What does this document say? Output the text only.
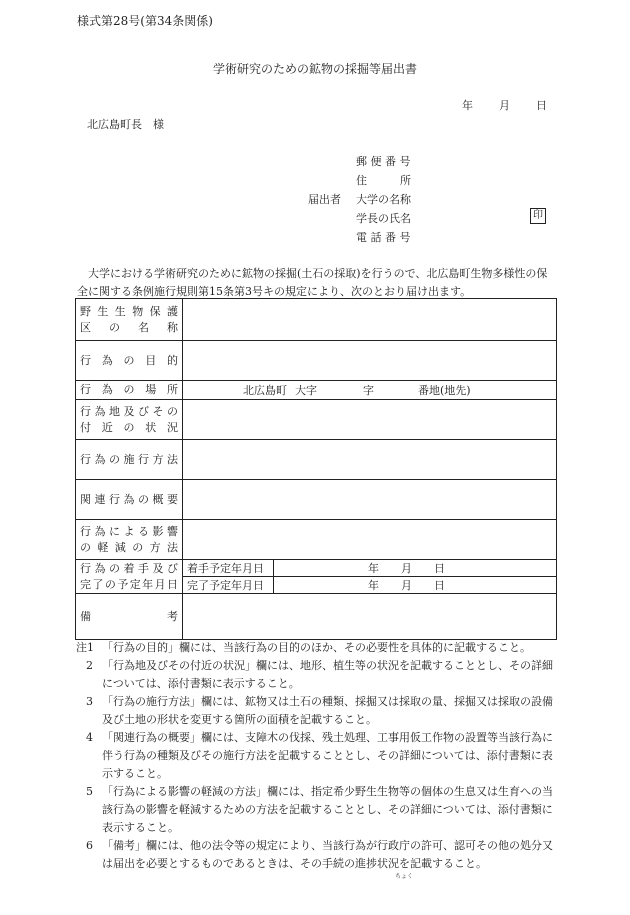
様式第28号(第34条関係)
学術研究のための鉱物の採掘等届出書
年 月 日
北広島町長　様
郵 便 番 号
住　　　所
届出者 大学の名称
学長の氏名	印
電 話 番 号
　大学における学術研究のために鉱物の採掘(土石の採取)を行うので、北広島町生物多様性の保全に関する条例施行規則第15条第3号キの規定により、次のとおり届け出ます。
野生生物保護
区の名称		

行為の目的		

行為の場所	北広島町 大字 字 番地(地先)	

行為地及びその
付近の状況		

行為の施行方法		

関連行為の概要		

行為による影響
の軽減の方法		

行為の着手及び
完了の予定年月日	着手予定年月日	年 月 日
	完了予定年月日	年 月 日

備　　　　　考		

注1 「行為の目的」欄には、当該行為の目的のほか、その必要性を具体的に記載すること。

2 「行為地及びその付近の状況」欄には、地形、植生等の状況を記載することとし、その詳細については、添付書類に表示すること。

3 「行為の施行方法」欄には、鉱物又は土石の種類、採掘又は採取の量、採掘又は採取の設備及び土地の形状を変更する箇所の面積を記載すること。

4 「関連行為の概要」欄には、支障木の伐採、残土処理、工事用仮工作物の設置等当該行為に伴う行為の種類及びその施行方法を記載することとし、その詳細については、添付書類に表示すること。

5 「行為による影響の軽減の方法」欄には、指定希少野生生物等の個体の生息又は生育への当該行為の影響を軽減するための方法を記載することとし、その詳細については、添付書類に表示すること。

6 「備考」欄には、他の法令等の規定により、当該行為が行政庁の許可、認可その他の処分又は届出を必要とするものであるときは、その手続の進捗状況を記載すること。

ちょく
